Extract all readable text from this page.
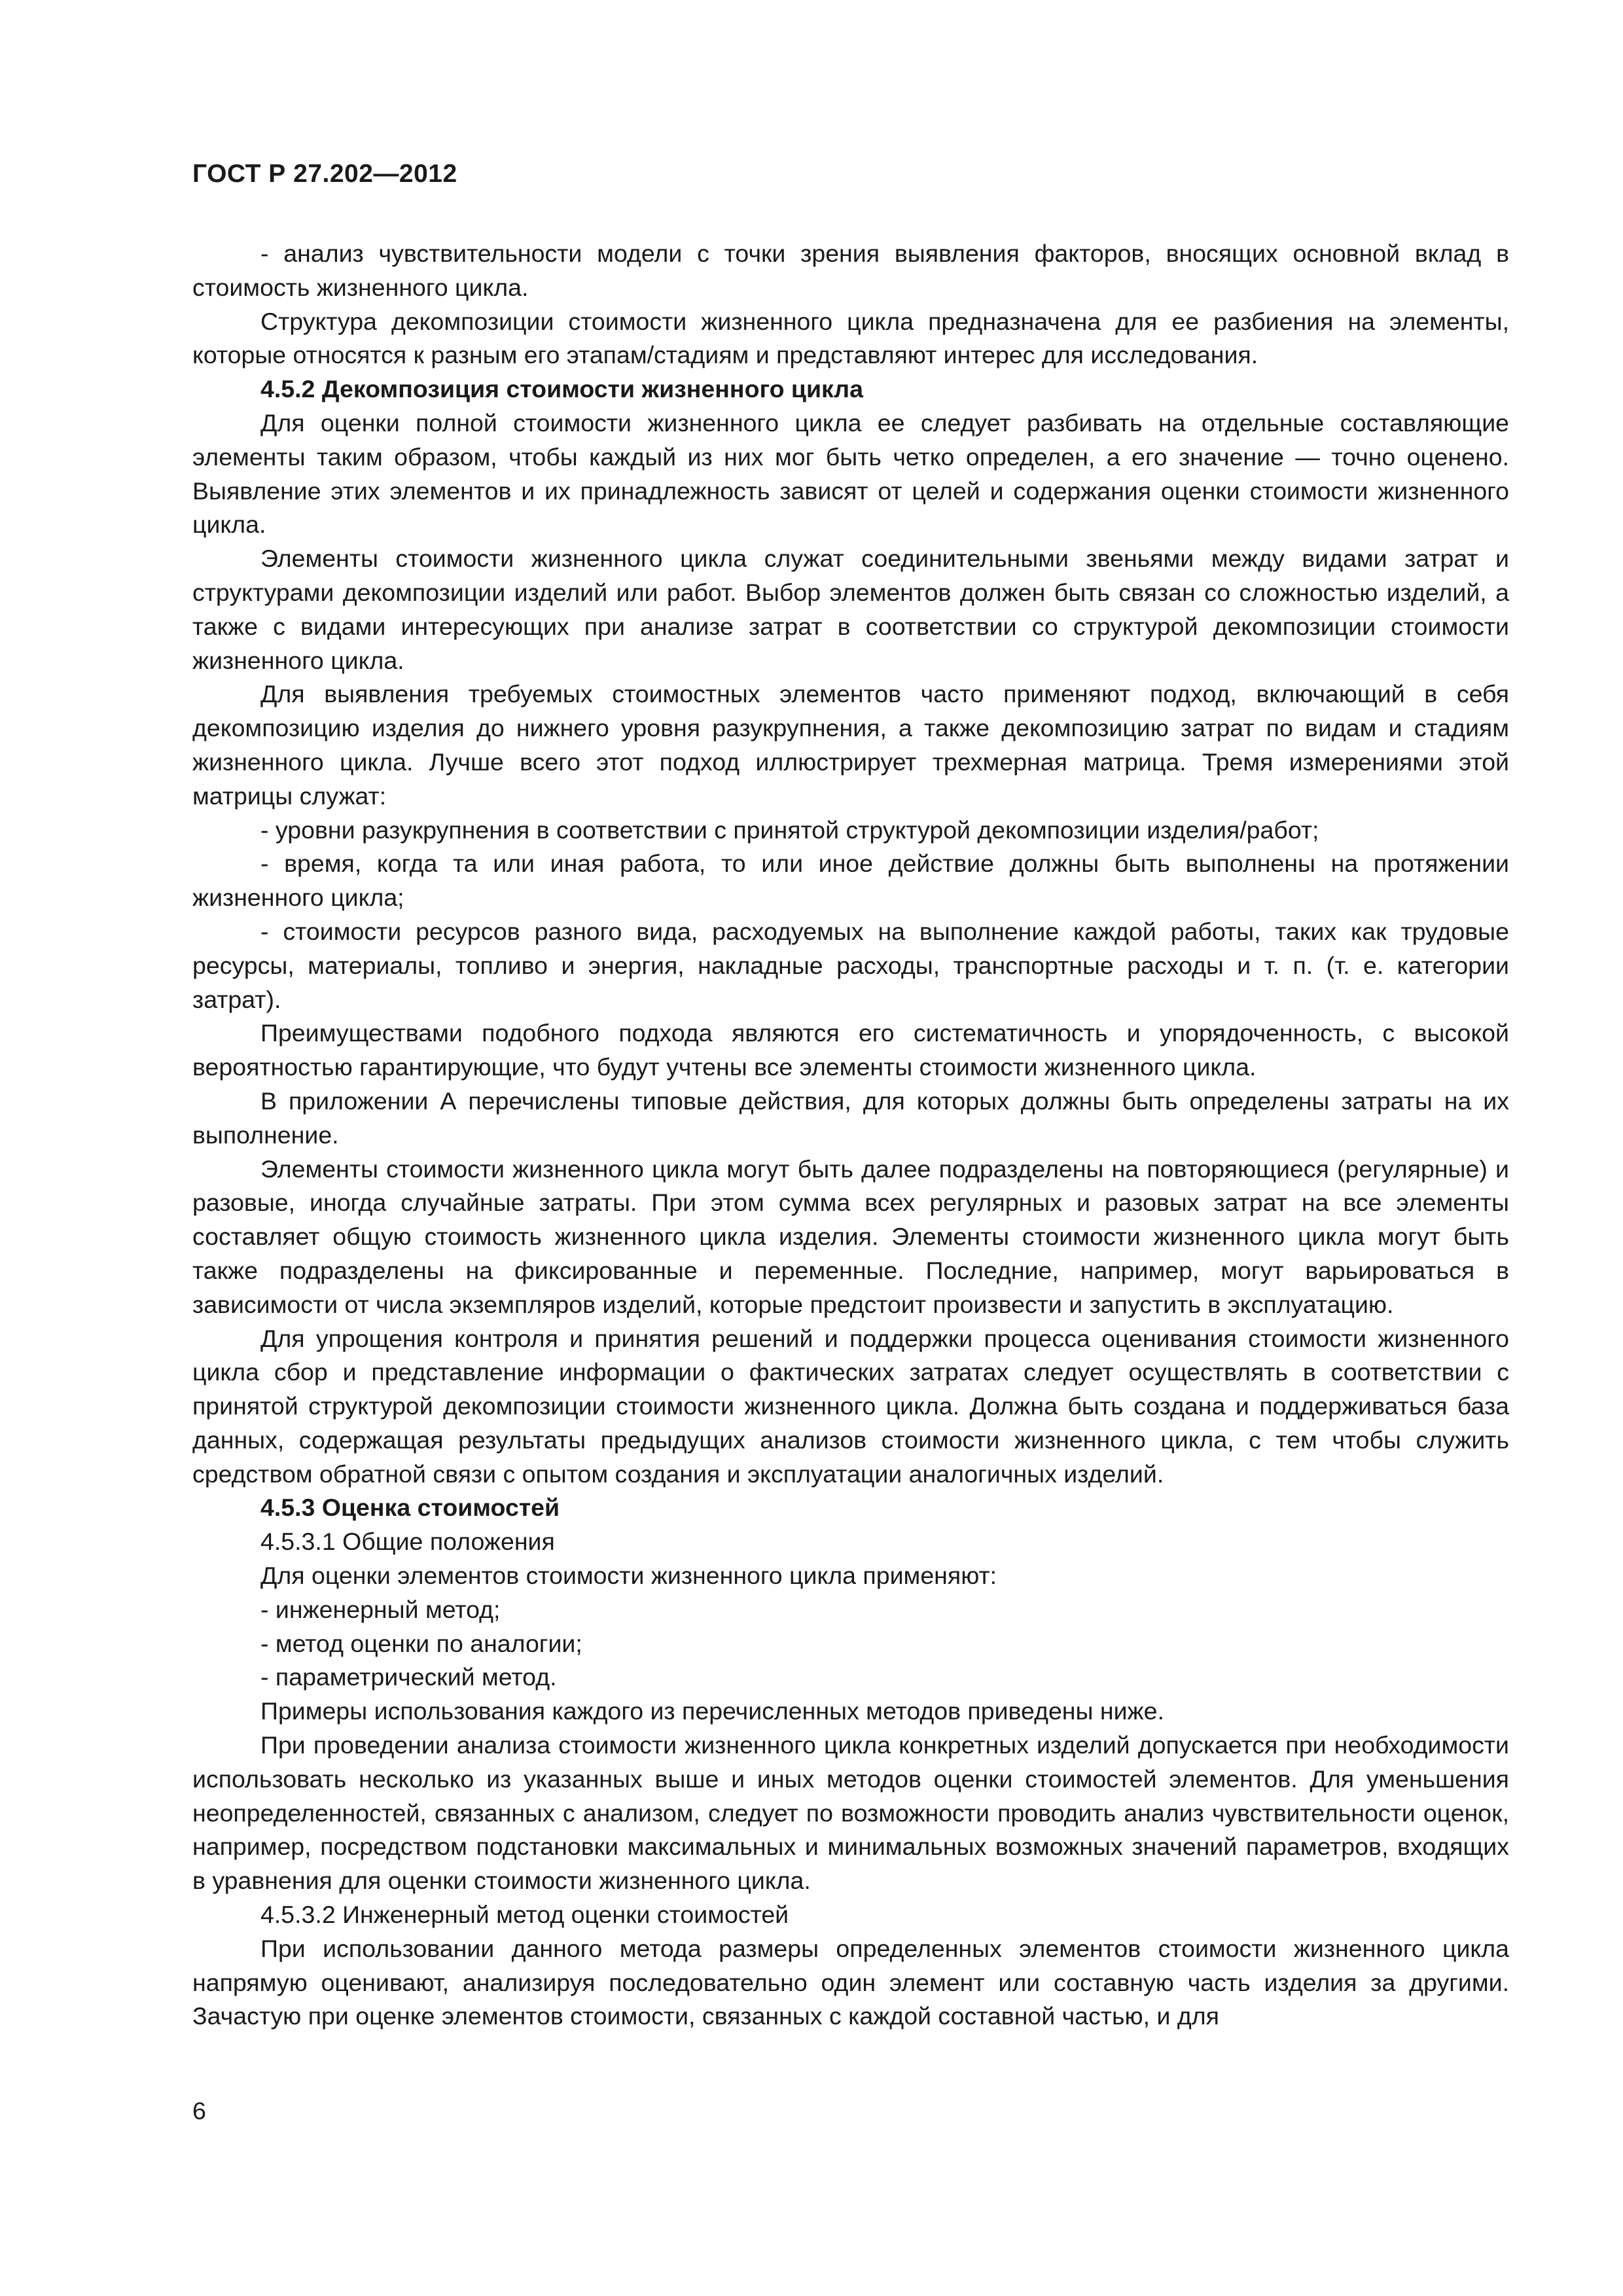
ГОСТ Р 27.202—2012

- анализ чувствительности модели с точки зрения выявления факторов, вносящих основной вклад в стоимость жизненного цикла.

Структура декомпозиции стоимости жизненного цикла предназначена для ее разбиения на элементы, которые относятся к разным его этапам/стадиям и представляют интерес для исследования.

4.5.2 Декомпозиция стоимости жизненного цикла

Для оценки полной стоимости жизненного цикла ее следует разбивать на отдельные составляющие элементы таким образом, чтобы каждый из них мог быть четко определен, а его значение — точно оценено. Выявление этих элементов и их принадлежность зависят от целей и содержания оценки стоимости жизненного цикла.

Элементы стоимости жизненного цикла служат соединительными звеньями между видами затрат и структурами декомпозиции изделий или работ. Выбор элементов должен быть связан со сложностью изделий, а также с видами интересующих при анализе затрат в соответствии со структурой декомпозиции стоимости жизненного цикла.

Для выявления требуемых стоимостных элементов часто применяют подход, включающий в себя декомпозицию изделия до нижнего уровня разукрупнения, а также декомпозицию затрат по видам и стадиям жизненного цикла. Лучше всего этот подход иллюстрирует трехмерная матрица. Тремя измерениями этой матрицы служат:

- уровни разукрупнения в соответствии с принятой структурой декомпозиции изделия/работ;

- время, когда та или иная работа, то или иное действие должны быть выполнены на протяжении жизненного цикла;

- стоимости ресурсов разного вида, расходуемых на выполнение каждой работы, таких как трудовые ресурсы, материалы, топливо и энергия, накладные расходы, транспортные расходы и т. п. (т. е. категории затрат).

Преимуществами подобного подхода являются его систематичность и упорядоченность, с высокой вероятностью гарантирующие, что будут учтены все элементы стоимости жизненного цикла.

В приложении А перечислены типовые действия, для которых должны быть определены затраты на их выполнение.

Элементы стоимости жизненного цикла могут быть далее подразделены на повторяющиеся (регулярные) и разовые, иногда случайные затраты. При этом сумма всех регулярных и разовых затрат на все элементы составляет общую стоимость жизненного цикла изделия. Элементы стоимости жизненного цикла могут быть также подразделены на фиксированные и переменные. Последние, например, могут варьироваться в зависимости от числа экземпляров изделий, которые предстоит произвести и запустить в эксплуатацию.

Для упрощения контроля и принятия решений и поддержки процесса оценивания стоимости жизненного цикла сбор и представление информации о фактических затратах следует осуществлять в соответствии с принятой структурой декомпозиции стоимости жизненного цикла. Должна быть создана и поддерживаться база данных, содержащая результаты предыдущих анализов стоимости жизненного цикла, с тем чтобы служить средством обратной связи с опытом создания и эксплуатации аналогичных изделий.

4.5.3 Оценка стоимостей

4.5.3.1 Общие положения

Для оценки элементов стоимости жизненного цикла применяют:

- инженерный метод;

- метод оценки по аналогии;

- параметрический метод.

Примеры использования каждого из перечисленных методов приведены ниже.

При проведении анализа стоимости жизненного цикла конкретных изделий допускается при необходимости использовать несколько из указанных выше и иных методов оценки стоимостей элементов. Для уменьшения неопределенностей, связанных с анализом, следует по возможности проводить анализ чувствительности оценок, например, посредством подстановки максимальных и минимальных возможных значений параметров, входящих в уравнения для оценки стоимости жизненного цикла.

4.5.3.2 Инженерный метод оценки стоимостей

При использовании данного метода размеры определенных элементов стоимости жизненного цикла напрямую оценивают, анализируя последовательно один элемент или составную часть изделия за другими. Зачастую при оценке элементов стоимости, связанных с каждой составной частью, и для

6
